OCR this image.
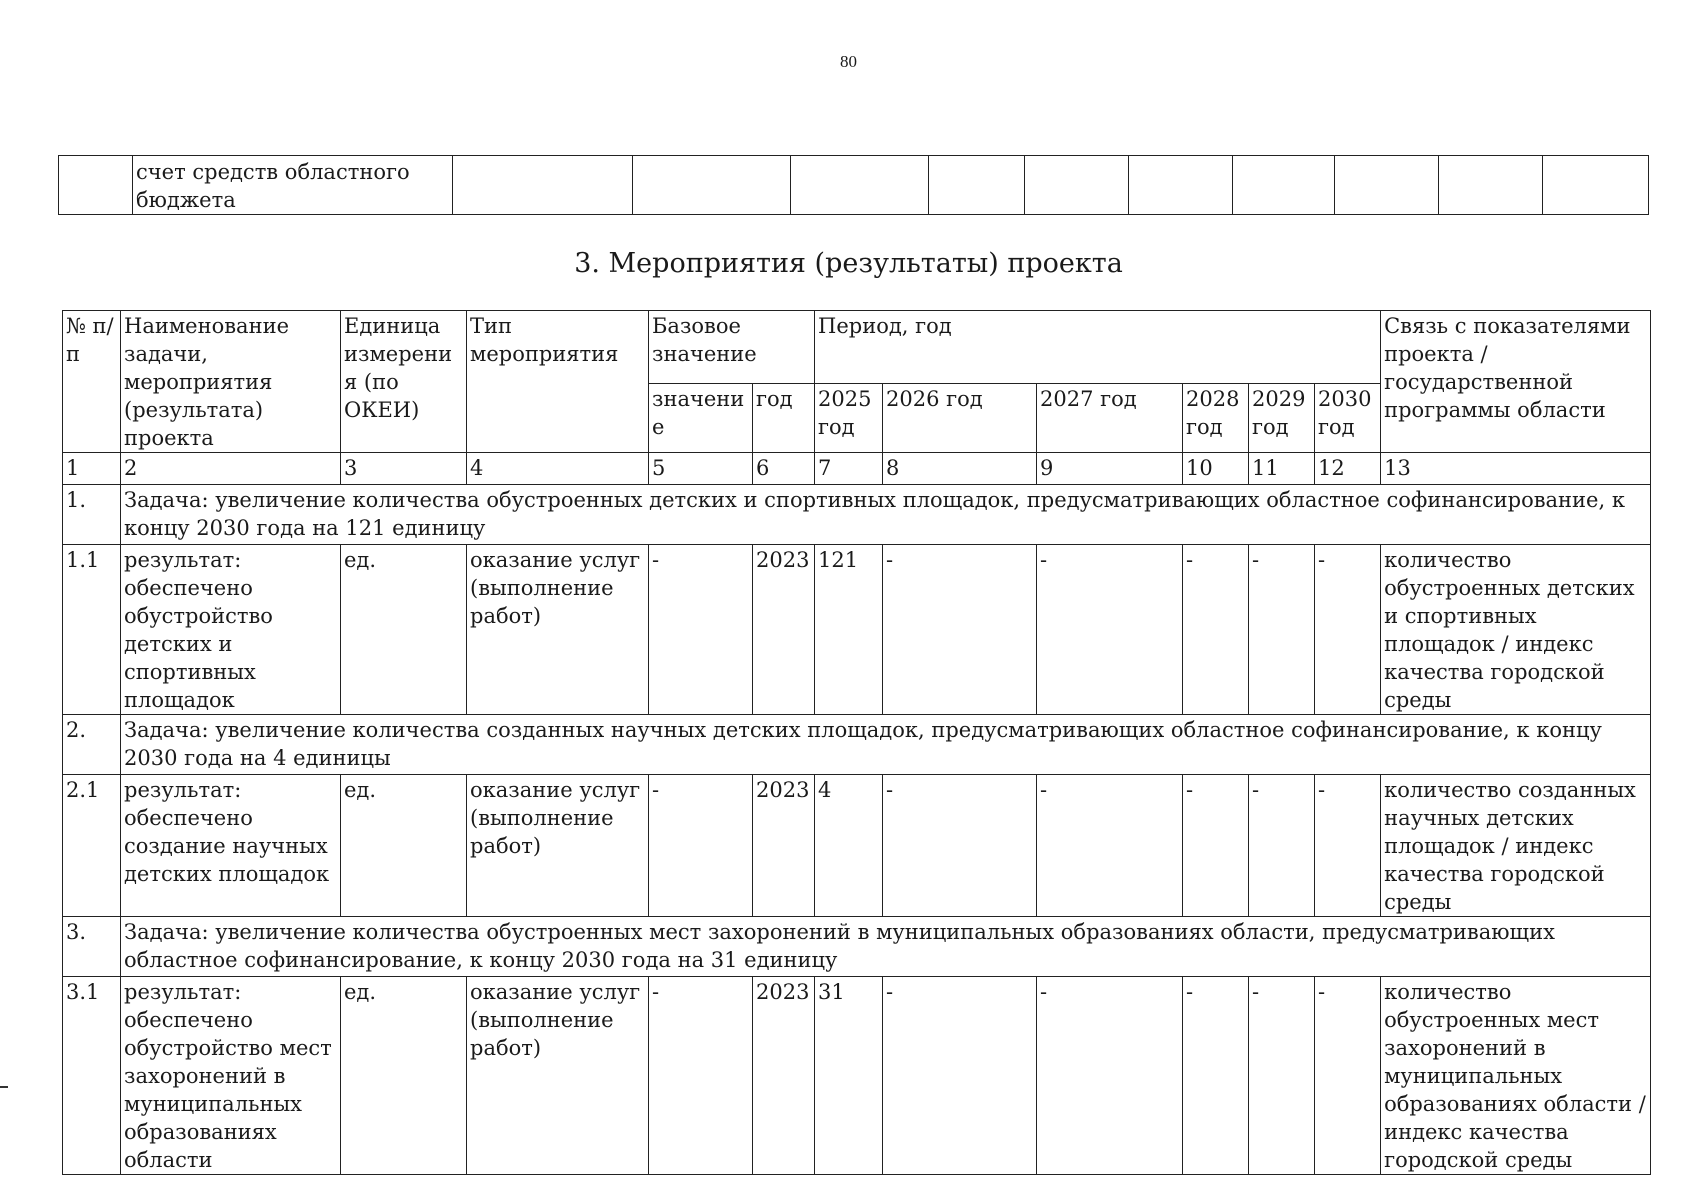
80
	счет средств областного бюджета										
3. Мероприятия (результаты) проекта
№ п/п	Наименование задачи, мероприятия (результата) проекта	Единица измерения (по ОКЕИ)	Тип мероприятия	Базовое значение		Период, год						Связь с показателями проекта / государственной программы области
				значение	год	2025 год	2026 год	2027 год	2028 год	2029 год	2030 год	
1	2	3	4	5	6	7	8	9	10	11	12	13
1.	Задача: увеличение количества обустроенных детских и спортивных площадок, предусматривающих областное софинансирование, к концу 2030 года на 121 единицу											
1.1	результат: обеспечено обустройство детских и спортивных площадок	ед.	оказание услуг (выполнение работ)	-	2023	121	-	-	-	-	-	количество обустроенных детских и спортивных площадок / индекс качества городской среды
2.	Задача: увеличение количества созданных научных детских площадок, предусматривающих областное софинансирование, к концу 2030 года на 4 единицы											
2.1	результат: обеспечено создание научных детских площадок	ед.	оказание услуг (выполнение работ)	-	2023	4	-	-	-	-	-	количество созданных научных детских площадок / индекс качества городской среды
3.	Задача: увеличение количества обустроенных мест захоронений в муниципальных образованиях области, предусматривающих областное софинансирование, к концу 2030 года на 31 единицу											
3.1	результат: обеспечено обустройство мест захоронений в муниципальных образованиях области	ед.	оказание услуг (выполнение работ)	-	2023	31	-	-	-	-	-	количество обустроенных мест захоронений в муниципальных образованиях области / индекс качества городской среды
